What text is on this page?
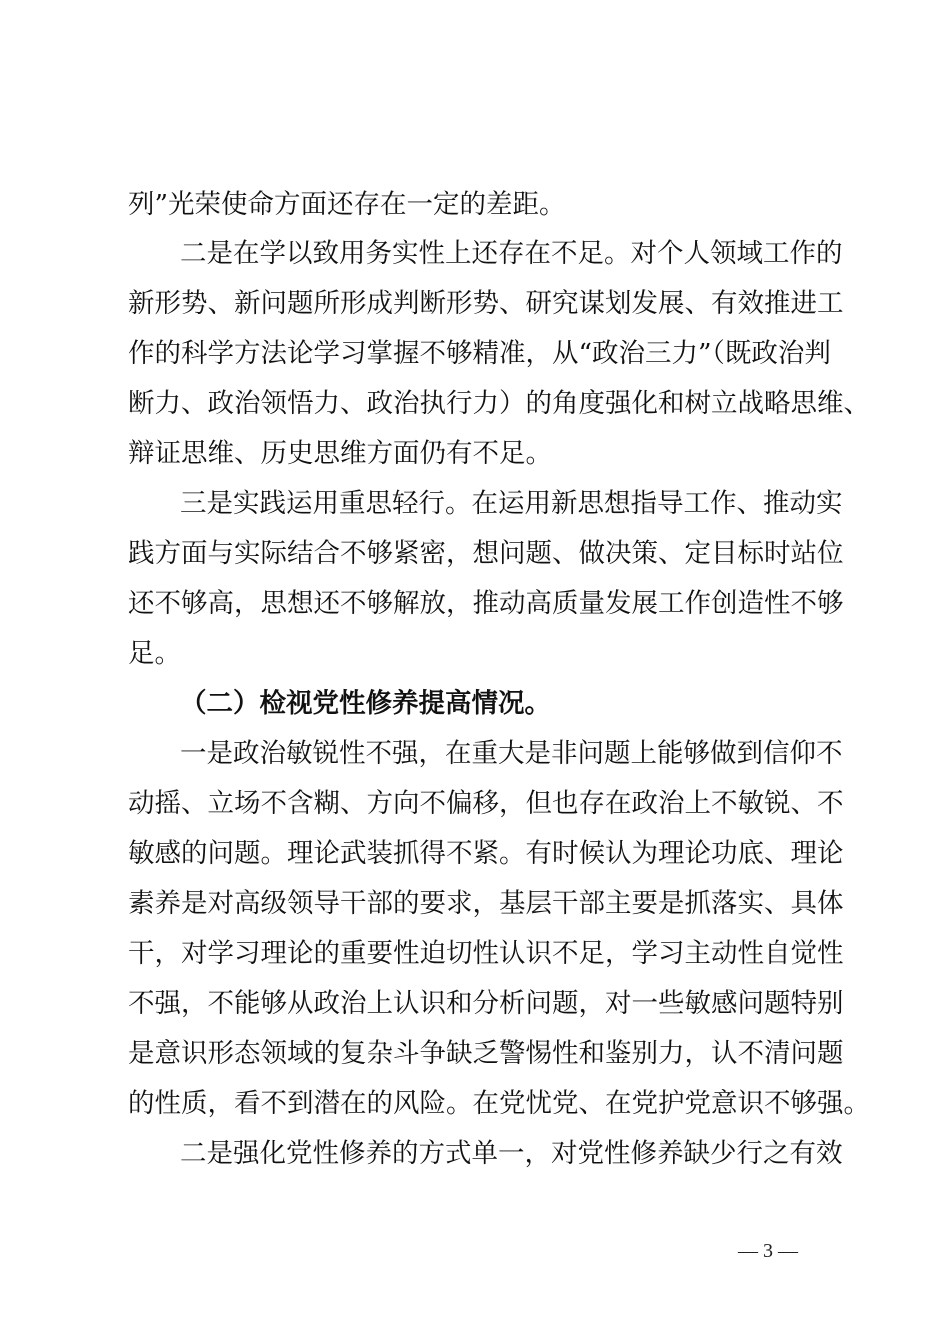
列”光荣使命方面还存在一定的差距。
二是在学以致用务实性上还存在不足。对个人领域工作的
新形势、新问题所形成判断形势、研究谋划发展、有效推进工
作的科学方法论学习掌握不够精准，从“政治三力”（既政治判
断力、政治领悟力、政治执行力）的角度强化和树立战略思维、
辩证思维、历史思维方面仍有不足。
三是实践运用重思轻行。在运用新思想指导工作、推动实
践方面与实际结合不够紧密，想问题、做决策、定目标时站位
还不够高，思想还不够解放，推动高质量发展工作创造性不够
足。
（二）检视党性修养提高情况。
一是政治敏锐性不强，在重大是非问题上能够做到信仰不
动摇、立场不含糊、方向不偏移，但也存在政治上不敏锐、不
敏感的问题。理论武装抓得不紧。有时候认为理论功底、理论
素养是对高级领导干部的要求，基层干部主要是抓落实、具体
干，对学习理论的重要性迫切性认识不足，学习主动性自觉性
不强，不能够从政治上认识和分析问题，对一些敏感问题特别
是意识形态领域的复杂斗争缺乏警惕性和鉴别力，认不清问题
的性质，看不到潜在的风险。在党忧党、在党护党意识不够强。
二是强化党性修养的方式单一，对党性修养缺少行之有效
— 3 —
